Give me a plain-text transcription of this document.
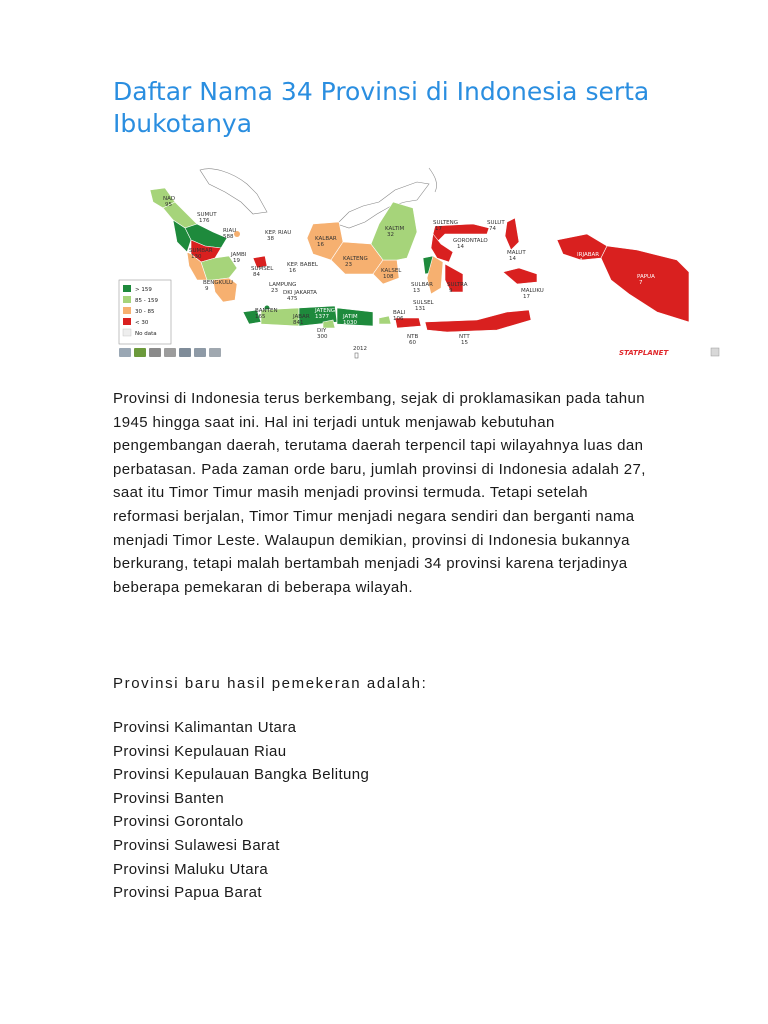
Daftar Nama 34 Provinsi di Indonesia serta Ibukotanya
NAD
95
SUMUT
176
RIAU
588
KEP. RIAU
38
SUMBAR
130	JAMBI
19
SUMSEL
84
BENGKULU
9
LAMPUNG
23
KEP. BABEL
16
DKI JAKARTA
475
BANTEN
165	JABAR
841
JATENG
1377
DIY
300
JATIM
1030
BALI
106
NTB
60
NTT
15
KALBAR
16
KALTENG
23
KALSEL
108
KALTIM
32
SULTENG
17
SULUT
74
GORONTALO
14
SULBAR
13
SULSEL
131
SULTRA
9
MALUT
14
MALUKU
17
IRJABAR
4
PAPUA
7
> 159
85 - 159
30 - 85
< 30
No data
2012	STATPLANET

Provinsi di Indonesia terus berkembang, sejak di proklamasikan pada tahun 1945 hingga saat ini. Hal ini terjadi untuk menjawab kebutuhan pengembangan daerah, terutama daerah terpencil tapi wilayahnya luas dan perbatasan. Pada zaman orde baru, jumlah provinsi di Indonesia adalah 27, saat itu Timor Timur masih menjadi provinsi termuda. Tetapi setelah reformasi berjalan, Timor Timur menjadi negara sendiri dan berganti nama menjadi Timor Leste. Walaupun demikian, provinsi di Indonesia bukannya berkurang, tetapi malah bertambah menjadi 34 provinsi karena terjadinya beberapa pemekaran di beberapa wilayah.

Provinsi baru hasil pemekeran adalah:

Provinsi Kalimantan Utara
Provinsi Kepulauan Riau
Provinsi Kepulauan Bangka Belitung
Provinsi Banten
Provinsi Gorontalo
Provinsi Sulawesi Barat
Provinsi Maluku Utara
Provinsi Papua Barat
